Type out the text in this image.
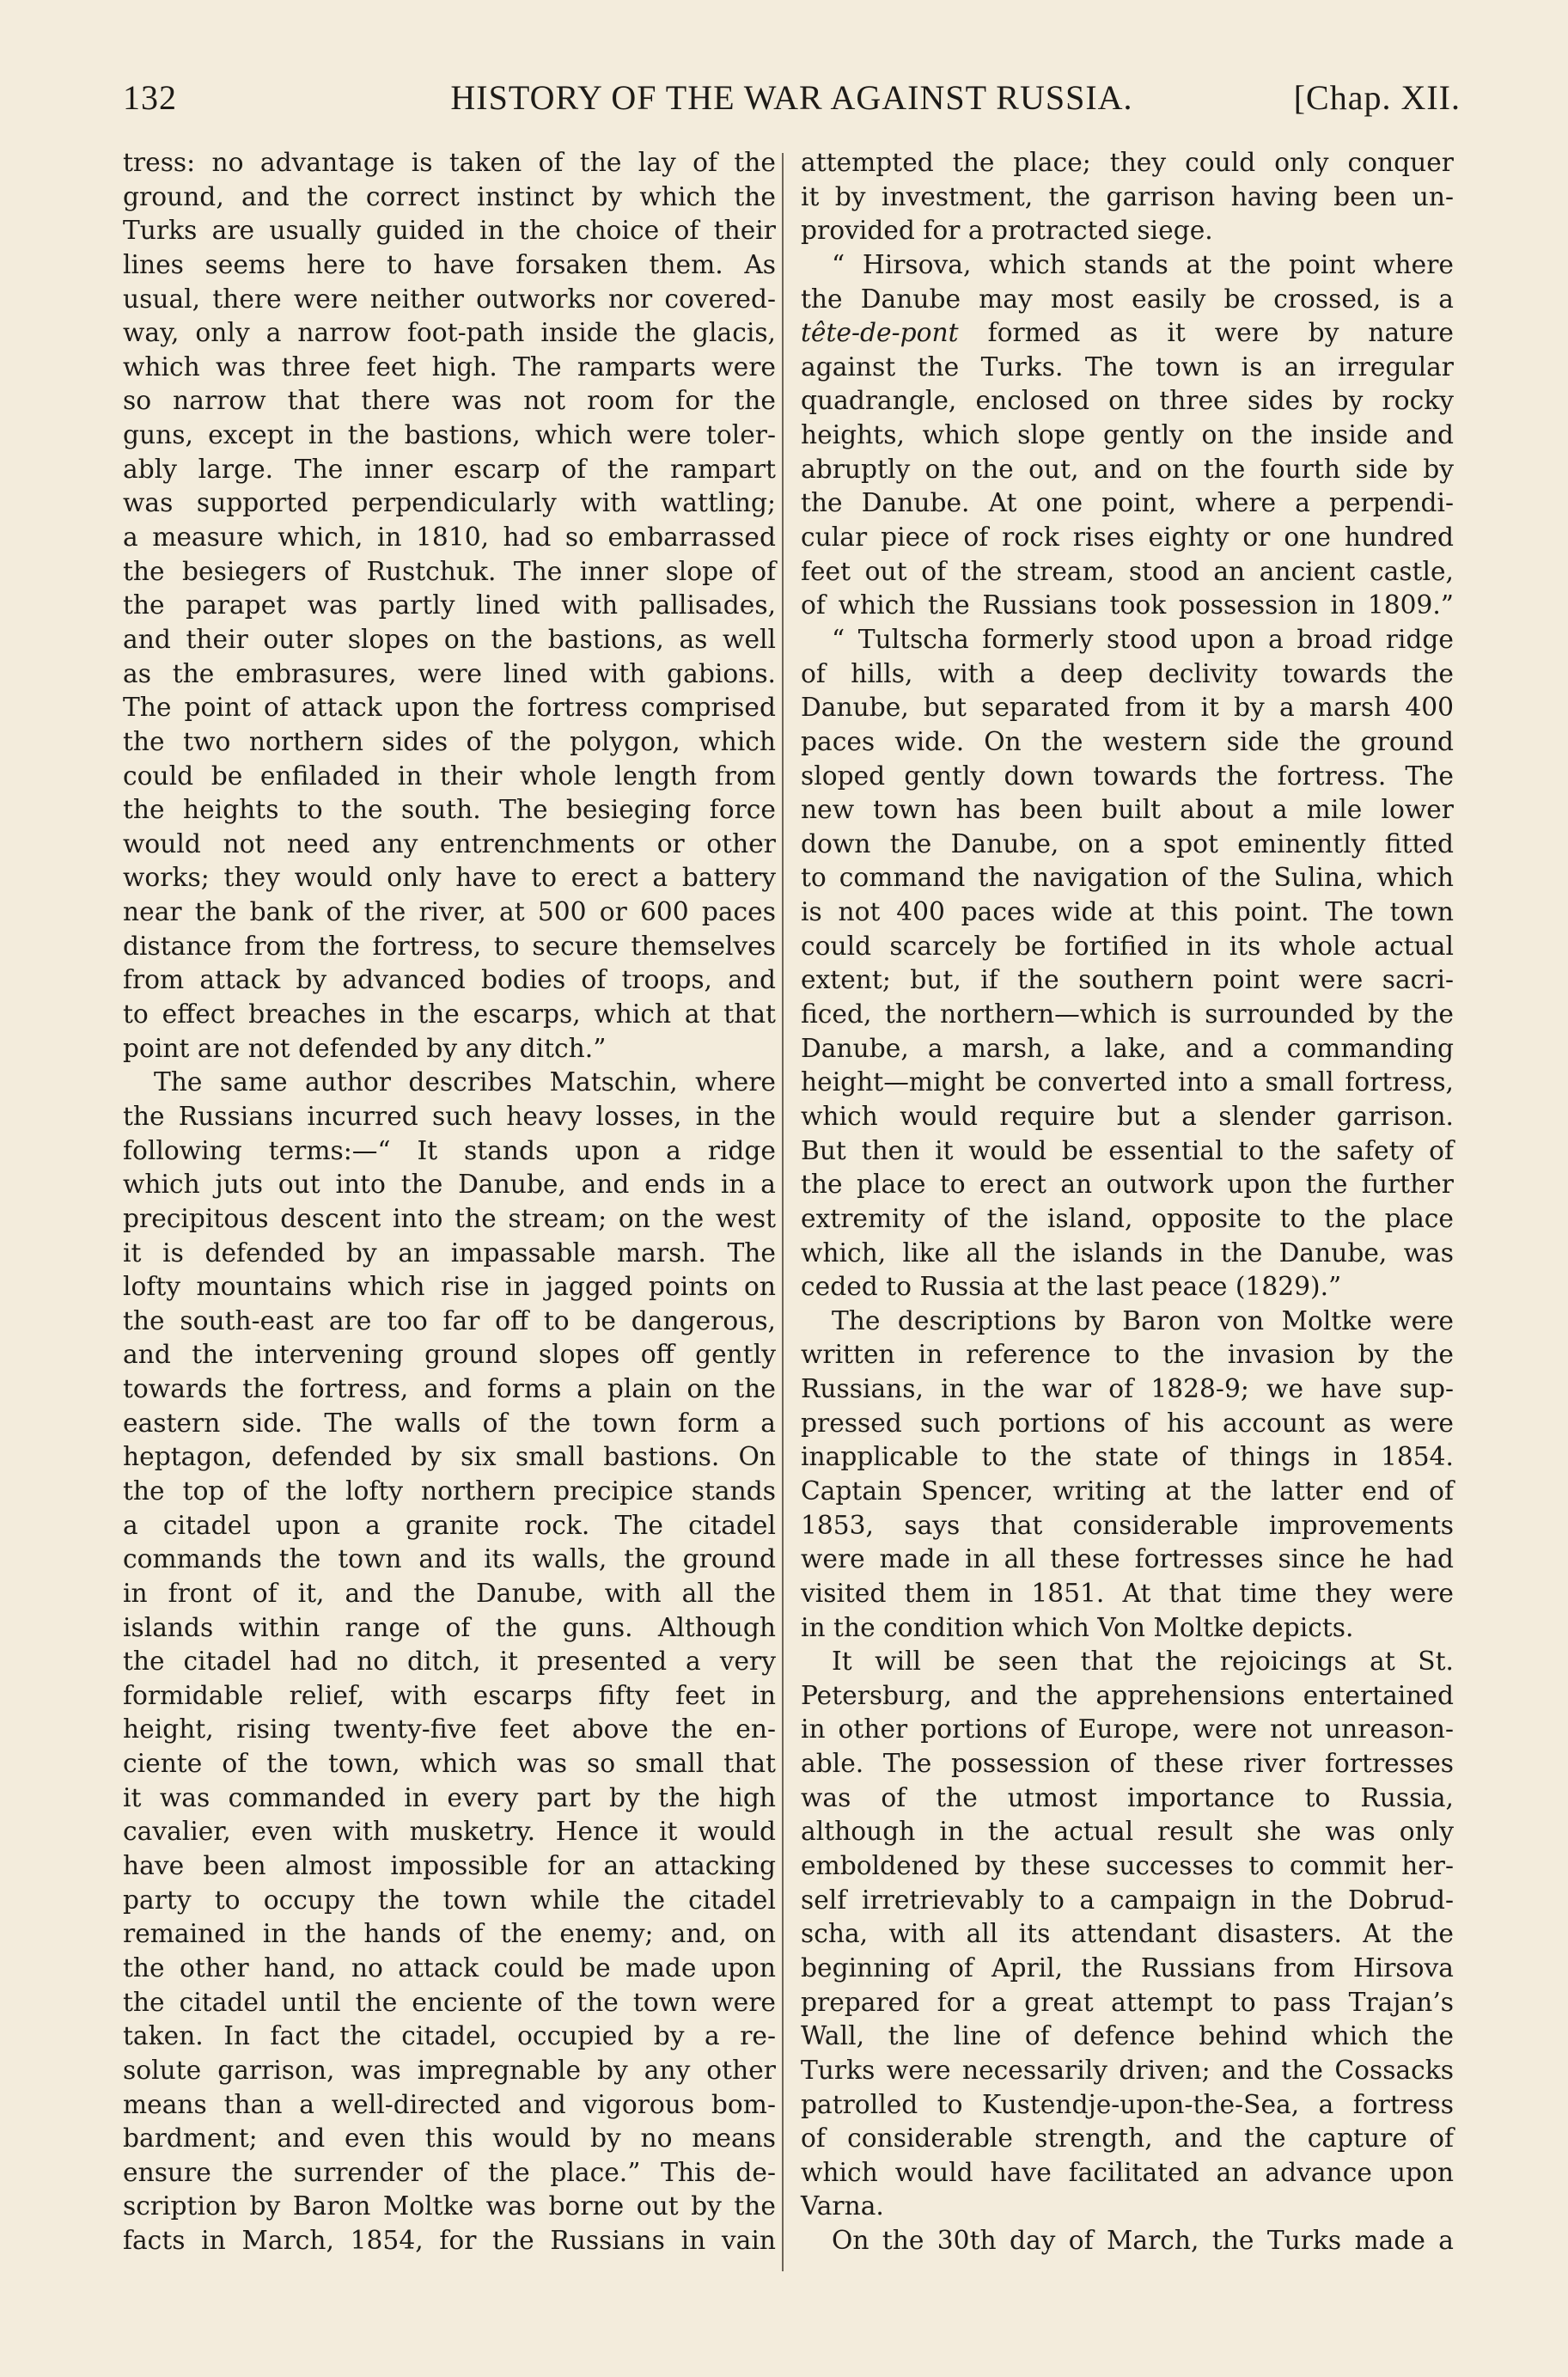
132	HISTORY OF THE WAR AGAINST RUSSIA.	[Chap. XII.
tress: no advantage is taken of the lay of the
ground, and the correct instinct by which the
Turks are usually guided in the choice of their
lines seems here to have forsaken them. As
usual, there were neither outworks nor covered-
way, only a narrow foot-path inside the glacis,
which was three feet high. The ramparts were
so narrow that there was not room for the
guns, except in the bastions, which were toler-
ably large. The inner escarp of the rampart
was supported perpendicularly with wattling;
a measure which, in 1810, had so embarrassed
the besiegers of Rustchuk. The inner slope of
the parapet was partly lined with pallisades,
and their outer slopes on the bastions, as well
as the embrasures, were lined with gabions.
The point of attack upon the fortress comprised
the two northern sides of the polygon, which
could be enfiladed in their whole length from
the heights to the south. The besieging force
would not need any entrenchments or other
works; they would only have to erect a battery
near the bank of the river, at 500 or 600 paces
distance from the fortress, to secure themselves
from attack by advanced bodies of troops, and
to effect breaches in the escarps, which at that
point are not defended by any ditch.”
The same author describes Matschin, where
the Russians incurred such heavy losses, in the
following terms:—“ It stands upon a ridge
which juts out into the Danube, and ends in a
precipitous descent into the stream; on the west
it is defended by an impassable marsh. The
lofty mountains which rise in jagged points on
the south-east are too far off to be dangerous,
and the intervening ground slopes off gently
towards the fortress, and forms a plain on the
eastern side. The walls of the town form a
heptagon, defended by six small bastions. On
the top of the lofty northern precipice stands
a citadel upon a granite rock. The citadel
commands the town and its walls, the ground
in front of it, and the Danube, with all the
islands within range of the guns. Although
the citadel had no ditch, it presented a very
formidable relief, with escarps fifty feet in
height, rising twenty-five feet above the en-
ciente of the town, which was so small that
it was commanded in every part by the high
cavalier, even with musketry. Hence it would
have been almost impossible for an attacking
party to occupy the town while the citadel
remained in the hands of the enemy; and, on
the other hand, no attack could be made upon
the citadel until the enciente of the town were
taken. In fact the citadel, occupied by a re-
solute garrison, was impregnable by any other
means than a well-directed and vigorous bom-
bardment; and even this would by no means
ensure the surrender of the place.” This de-
scription by Baron Moltke was borne out by the
facts in March, 1854, for the Russians in vain
attempted the place; they could only conquer
it by investment, the garrison having been un-
provided for a protracted siege.
“ Hirsova, which stands at the point where
the Danube may most easily be crossed, is a
tête-de-pont formed as it were by nature
against the Turks. The town is an irregular
quadrangle, enclosed on three sides by rocky
heights, which slope gently on the inside and
abruptly on the out, and on the fourth side by
the Danube. At one point, where a perpendi-
cular piece of rock rises eighty or one hundred
feet out of the stream, stood an ancient castle,
of which the Russians took possession in 1809.”
“ Tultscha formerly stood upon a broad ridge
of hills, with a deep declivity towards the
Danube, but separated from it by a marsh 400
paces wide. On the western side the ground
sloped gently down towards the fortress. The
new town has been built about a mile lower
down the Danube, on a spot eminently fitted
to command the navigation of the Sulina, which
is not 400 paces wide at this point. The town
could scarcely be fortified in its whole actual
extent; but, if the southern point were sacri-
ficed, the northern—which is surrounded by the
Danube, a marsh, a lake, and a commanding
height—might be converted into a small fortress,
which would require but a slender garrison.
But then it would be essential to the safety of
the place to erect an outwork upon the further
extremity of the island, opposite to the place
which, like all the islands in the Danube, was
ceded to Russia at the last peace (1829).”
The descriptions by Baron von Moltke were
written in reference to the invasion by the
Russians, in the war of 1828-9; we have sup-
pressed such portions of his account as were
inapplicable to the state of things in 1854.
Captain Spencer, writing at the latter end of
1853, says that considerable improvements
were made in all these fortresses since he had
visited them in 1851. At that time they were
in the condition which Von Moltke depicts.
It will be seen that the rejoicings at St.
Petersburg, and the apprehensions entertained
in other portions of Europe, were not unreason-
able. The possession of these river fortresses
was of the utmost importance to Russia,
although in the actual result she was only
emboldened by these successes to commit her-
self irretrievably to a campaign in the Dobrud-
scha, with all its attendant disasters. At the
beginning of April, the Russians from Hirsova
prepared for a great attempt to pass Trajan’s
Wall, the line of defence behind which the
Turks were necessarily driven; and the Cossacks
patrolled to Kustendje-upon-the-Sea, a fortress
of considerable strength, and the capture of
which would have facilitated an advance upon
Varna.
On the 30th day of March, the Turks made a
